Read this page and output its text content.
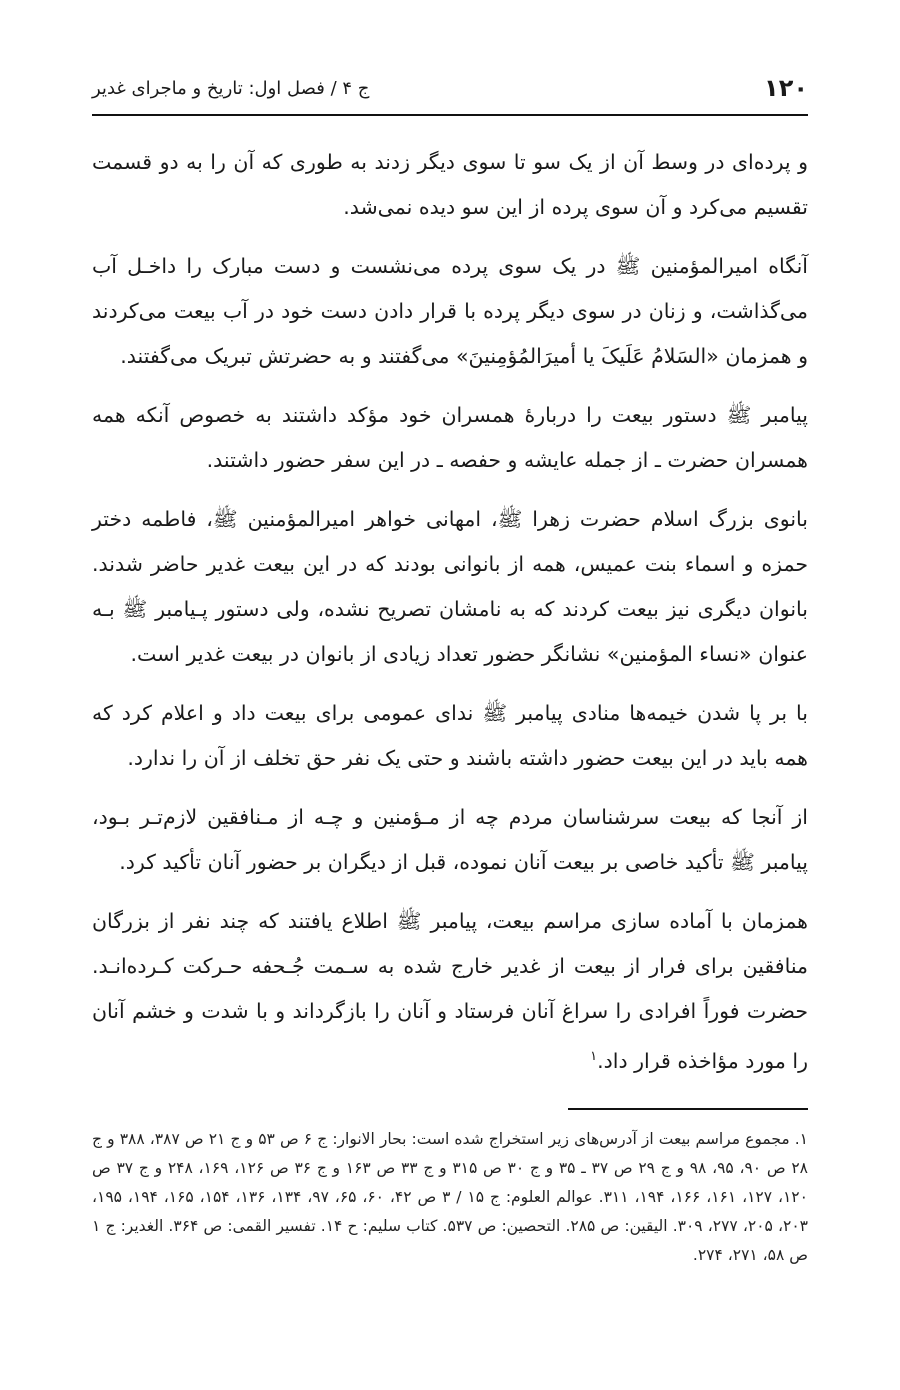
۱۲۰
ج ۴ / فصل اول: تاریخ و ماجرای غدیر

و پرده‌ای در وسط آن از یک سو تا سوی دیگر زدند به طوری که آن را به دو قسمت تقسیم می‌کرد و آن سوی پرده از این سو دیده نمی‌شد.

آنگاه امیرالمؤمنین ﷺ در یک سوی پرده می‌نشست و دست مبارک را داخـل آب می‌گذاشت، و زنان در سوی دیگر پرده با قرار دادن دست خود در آب بیعت می‌کردند و همزمان «السَلامُ عَلَیکَ یا أمیرَالمُؤمِنینَ» می‌گفتند و به حضرتش تبریک می‌گفتند.

پیامبر ﷺ دستور بیعت را دربارۀ همسران خود مؤکد داشتند به خصوص آنکه همه همسران حضرت ـ از جمله عایشه و حفصه ـ در این سفر حضور داشتند.

بانوی بزرگ اسلام حضرت زهرا ﷺ، امهانی خواهر امیرالمؤمنین ﷺ، فاطمه دختر حمزه و اسماء بنت عمیس، همه از بانوانی بودند که در این بیعت غدیر حاضر شدند. بانوان دیگری نیز بیعت کردند که به نامشان تصریح نشده، ولی دستور پـیامبر ﷺ بـه عنوان «نساء المؤمنین» نشانگر حضور تعداد زیادی از بانوان در بیعت غدیر است.

با بر پا شدن خیمه‌ها منادی پیامبر ﷺ ندای عمومی برای بیعت داد و اعلام کرد که همه باید در این بیعت حضور داشته باشند و حتی یک نفر حق تخلف از آن را ندارد.

از آنجا که بیعت سرشناسان مردم چه از مـؤمنین و چـه از مـنافقین لازم‌تـر بـود، پیامبر ﷺ تأکید خاصی بر بیعت آنان نموده، قبل از دیگران بر حضور آنان تأکید کرد.

همزمان با آماده سازی مراسم بیعت، پیامبر ﷺ اطلاع یافتند که چند نفر از بزرگان منافقین برای فرار از بیعت از غدیر خارج شده به سـمت جُـحفه حـرکت کـرده‌انـد. حضرت فوراً افرادی را سراغ آنان فرستاد و آنان را بازگرداند و با شدت و خشم آنان را مورد مؤاخذه قرار داد.$^۱$

۱. مجموع مراسم بیعت از آدرس‌های زیر استخراج شده است: بحار الانوار: ج ۶ ص ۵۳ و ج ۲۱ ص ۳۸۷، ۳۸۸ و ج ۲۸ ص ۹۰، ۹۵، ۹۸ و ج ۲۹ ص ۳۷ ـ ۳۵ و ج ۳۰ ص ۳۱۵ و ج ۳۳ ص ۱۶۳ و ج ۳۶ ص ۱۲۶، ۱۶۹، ۲۴۸ و ج ۳۷ ص ۱۲۰، ۱۲۷، ۱۶۱، ۱۶۶، ۱۹۴، ۳۱۱. عوالم العلوم: ج ۱۵ / ۳ ص ۴۲، ۶۰، ۶۵، ۹۷، ۱۳۴، ۱۳۶، ۱۵۴، ۱۶۵، ۱۹۴، ۱۹۵، ۲۰۳، ۲۰۵، ۲۷۷، ۳۰۹. الیقین: ص ۲۸۵. التحصین: ص ۵۳۷. کتاب سلیم: ح ۱۴. تفسیر القمی: ص ۳۶۴. الغدیر: ج ۱ ص ۵۸، ۲۷۱، ۲۷۴.
